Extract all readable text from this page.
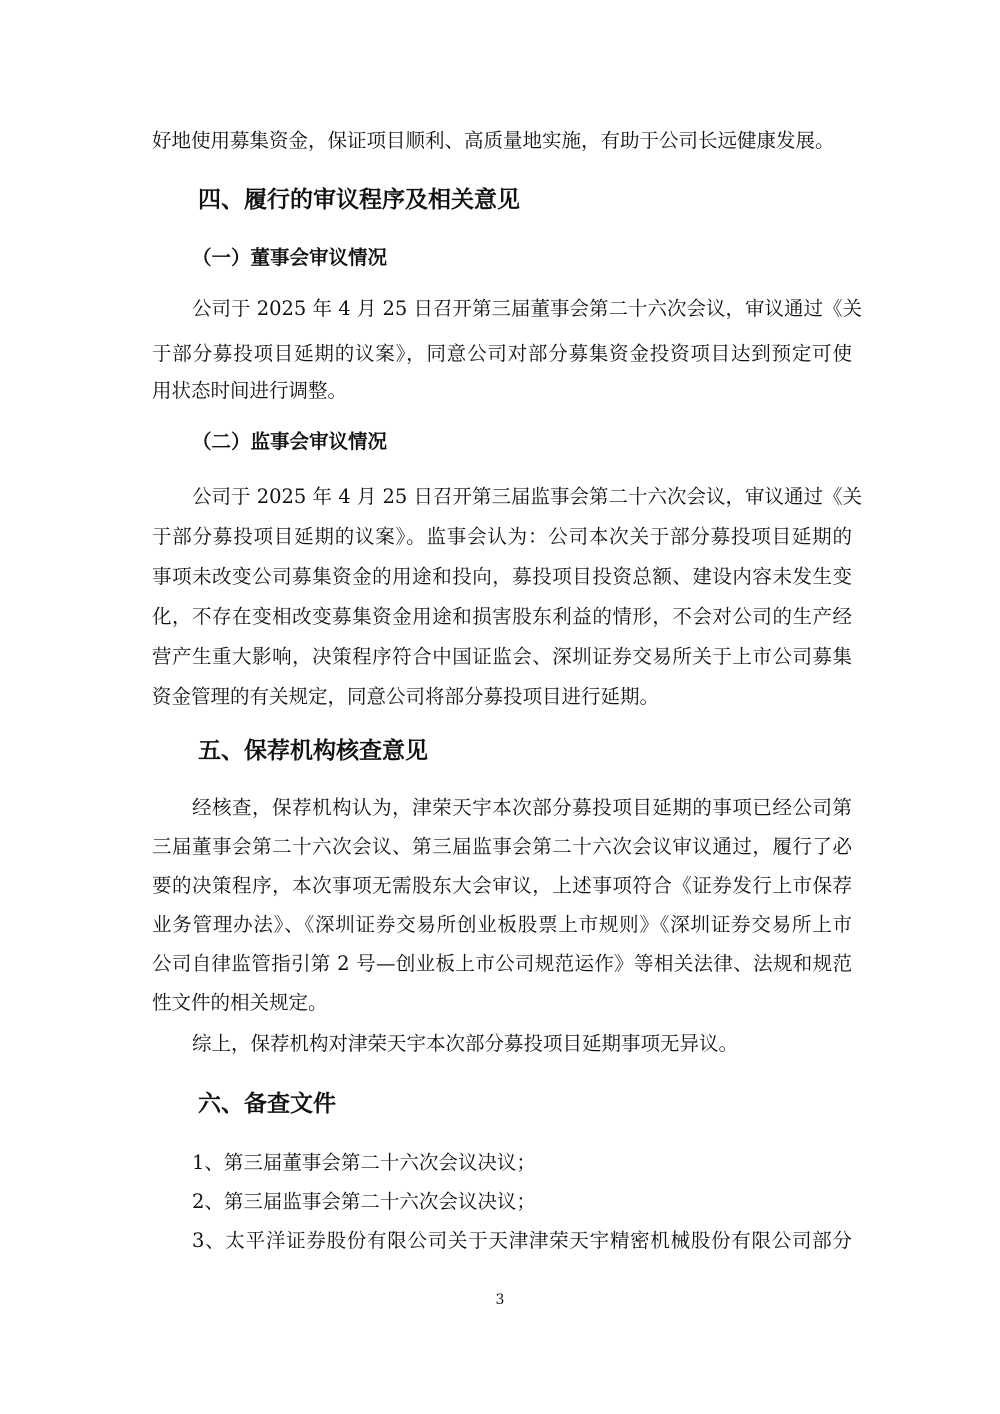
好地使用募集资金，保证项目顺利、高质量地实施，有助于公司长远健康发展。
四、履行的审议程序及相关意见
（一）董事会审议情况
公司于 2025 年 4 月 25 日召开第三届董事会第二十六次会议，审议通过《关
于部分募投项目延期的议案》，同意公司对部分募集资金投资项目达到预定可使
用状态时间进行调整。
（二）监事会审议情况
公司于 2025 年 4 月 25 日召开第三届监事会第二十六次会议，审议通过《关
于部分募投项目延期的议案》。监事会认为：公司本次关于部分募投项目延期的
事项未改变公司募集资金的用途和投向，募投项目投资总额、建设内容未发生变
化，不存在变相改变募集资金用途和损害股东利益的情形，不会对公司的生产经
营产生重大影响，决策程序符合中国证监会、深圳证券交易所关于上市公司募集
资金管理的有关规定，同意公司将部分募投项目进行延期。
五、保荐机构核查意见
经核查，保荐机构认为，津荣天宇本次部分募投项目延期的事项已经公司第
三届董事会第二十六次会议、第三届监事会第二十六次会议审议通过，履行了必
要的决策程序，本次事项无需股东大会审议，上述事项符合《证券发行上市保荐
业务管理办法》、《深圳证券交易所创业板股票上市规则》《深圳证券交易所上市
公司自律监管指引第 2 号—创业板上市公司规范运作》等相关法律、法规和规范
性文件的相关规定。
综上，保荐机构对津荣天宇本次部分募投项目延期事项无异议。
六、备查文件
1、第三届董事会第二十六次会议决议；
2、第三届监事会第二十六次会议决议；
3、太平洋证券股份有限公司关于天津津荣天宇精密机械股份有限公司部分
3
